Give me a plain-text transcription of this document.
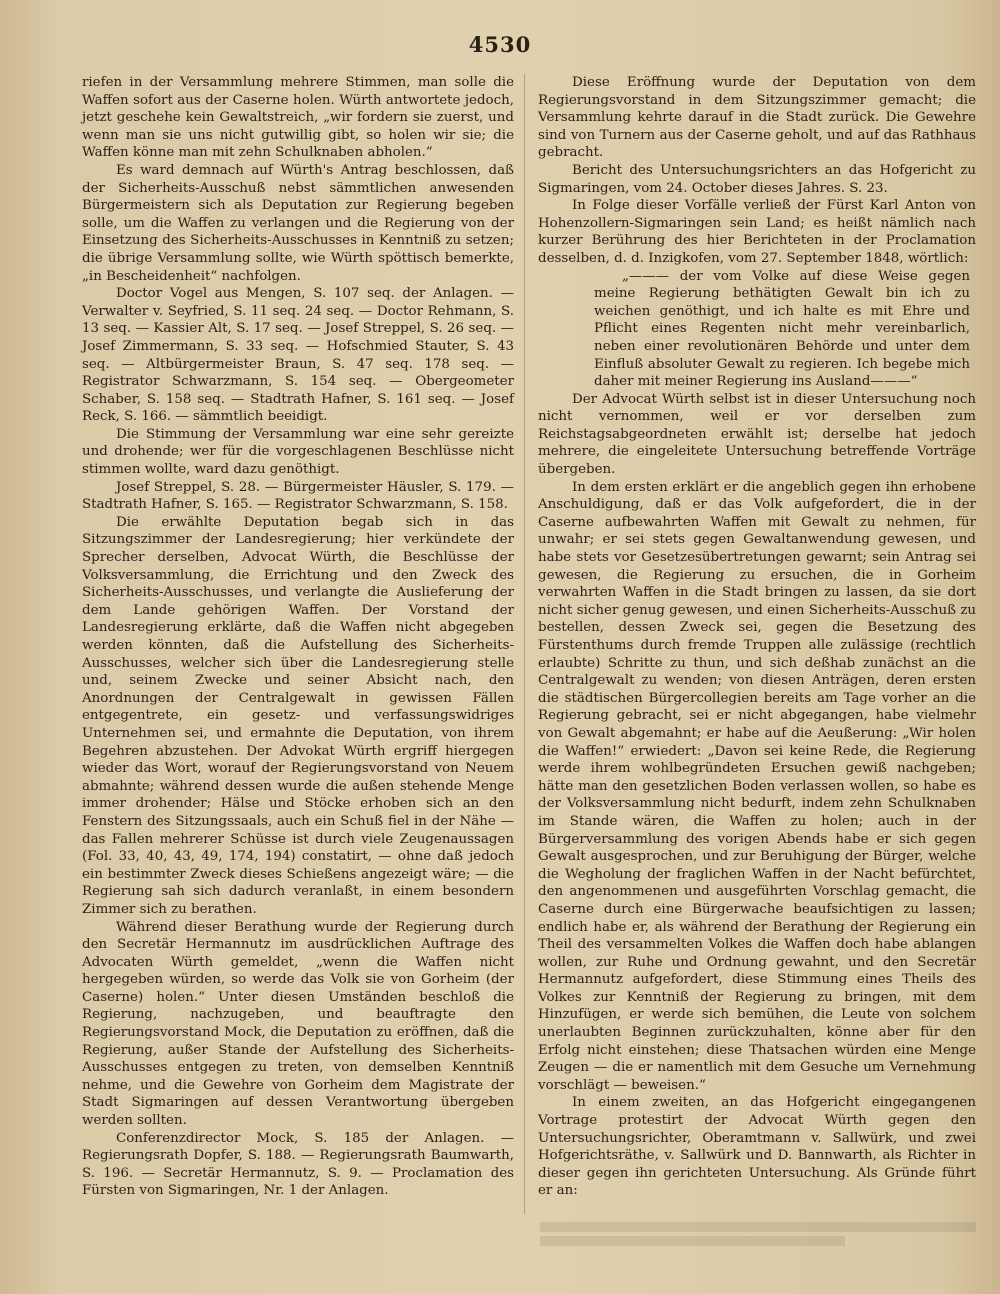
4530

riefen in der Versammlung mehrere Stimmen, man solle die Waffen sofort aus der Caserne holen. Würth antwortete jedoch, jetzt geschehe kein Gewaltstreich, „wir fordern sie zuerst, und wenn man sie uns nicht gutwillig gibt, so holen wir sie; die Waffen könne man mit zehn Schulknaben abholen.“

Es ward demnach auf Würth's Antrag beschlossen, daß der Sicherheits-Ausschuß nebst sämmtlichen anwesenden Bürgermeistern sich als Deputation zur Regierung begeben solle, um die Waffen zu verlangen und die Regierung von der Einsetzung des Sicherheits-Ausschusses in Kenntniß zu setzen; die übrige Versammlung sollte, wie Würth spöttisch bemerkte, „in Bescheidenheit“ nachfolgen.

Doctor Vogel aus Mengen, S. 107 seq. der Anlagen. — Verwalter v. Seyfried, S. 11 seq. 24 seq. — Doctor Rehmann, S. 13 seq. — Kassier Alt, S. 17 seq. — Josef Streppel, S. 26 seq. — Josef Zimmermann, S. 33 seq. — Hofschmied Stauter, S. 43 seq. — Altbürgermeister Braun, S. 47 seq. 178 seq. — Registrator Schwarzmann, S. 154 seq. — Obergeometer Schaber, S. 158 seq. — Stadtrath Hafner, S. 161 seq. — Josef Reck, S. 166. — sämmtlich beeidigt.

Die Stimmung der Versammlung war eine sehr gereizte und drohende; wer für die vorgeschlagenen Beschlüsse nicht stimmen wollte, ward dazu genöthigt.

Josef Streppel, S. 28. — Bürgermeister Häusler, S. 179. — Stadtrath Hafner, S. 165. — Registrator Schwarzmann, S. 158.

Die erwählte Deputation begab sich in das Sitzungszimmer der Landesregierung; hier verkündete der Sprecher derselben, Advocat Würth, die Beschlüsse der Volksversammlung, die Errichtung und den Zweck des Sicherheits-Ausschusses, und verlangte die Auslieferung der dem Lande gehörigen Waffen. Der Vorstand der Landesregierung erklärte, daß die Waffen nicht abgegeben werden könnten, daß die Aufstellung des Sicherheits-Ausschusses, welcher sich über die Landesregierung stelle und, seinem Zwecke und seiner Absicht nach, den Anordnungen der Centralgewalt in gewissen Fällen entgegentrete, ein gesetz- und verfassungswidriges Unternehmen sei, und ermahnte die Deputation, von ihrem Begehren abzustehen. Der Advokat Würth ergriff hiergegen wieder das Wort, worauf der Regierungsvorstand von Neuem abmahnte; während dessen wurde die außen stehende Menge immer drohender; Hälse und Stöcke erhoben sich an den Fenstern des Sitzungssaals, auch ein Schuß fiel in der Nähe — das Fallen mehrerer Schüsse ist durch viele Zeugenaussagen (Fol. 33, 40, 43, 49, 174, 194) constatirt, — ohne daß jedoch ein bestimmter Zweck dieses Schießens angezeigt wäre; — die Regierung sah sich dadurch veranlaßt, in einem besondern Zimmer sich zu berathen.

Während dieser Berathung wurde der Regierung durch den Secretär Hermannutz im ausdrücklichen Auftrage des Advocaten Würth gemeldet, „wenn die Waffen nicht hergegeben würden, so werde das Volk sie von Gorheim (der Caserne) holen.“ Unter diesen Umständen beschloß die Regierung, nachzugeben, und beauftragte den Regierungsvorstand Mock, die Deputation zu eröffnen, daß die Regierung, außer Stande der Aufstellung des Sicherheits-Ausschusses entgegen zu treten, von demselben Kenntniß nehme, und die Gewehre von Gorheim dem Magistrate der Stadt Sigmaringen auf dessen Verantwortung übergeben werden sollten.

Conferenzdirector Mock, S. 185 der Anlagen. — Regierungsrath Dopfer, S. 188. — Regierungsrath Baumwarth, S. 196. — Secretär Hermannutz, S. 9. — Proclamation des Fürsten von Sigmaringen, Nr. 1 der Anlagen.

Diese Eröffnung wurde der Deputation von dem Regierungsvorstand in dem Sitzungszimmer gemacht; die Versammlung kehrte darauf in die Stadt zurück. Die Gewehre sind von Turnern aus der Caserne geholt, und auf das Rathhaus gebracht.

Bericht des Untersuchungsrichters an das Hofgericht zu Sigmaringen, vom 24. October dieses Jahres. S. 23.

In Folge dieser Vorfälle verließ der Fürst Karl Anton von Hohenzollern-Sigmaringen sein Land; es heißt nämlich nach kurzer Berührung des hier Berichteten in der Proclamation desselben, d. d. Inzigkofen, vom 27. September 1848, wörtlich:

„——— der vom Volke auf diese Weise gegen meine Regierung bethätigten Gewalt bin ich zu weichen genöthigt, und ich halte es mit Ehre und Pflicht eines Regenten nicht mehr vereinbarlich, neben einer revolutionären Behörde und unter dem Einfluß absoluter Gewalt zu regieren. Ich begebe mich daher mit meiner Regierung ins Ausland———“

Der Advocat Würth selbst ist in dieser Untersuchung noch nicht vernommen, weil er vor derselben zum Reichstagsabgeordneten erwählt ist; derselbe hat jedoch mehrere, die eingeleitete Untersuchung betreffende Vorträge übergeben.

In dem ersten erklärt er die angeblich gegen ihn erhobene Anschuldigung, daß er das Volk aufgefordert, die in der Caserne aufbewahrten Waffen mit Gewalt zu nehmen, für unwahr; er sei stets gegen Gewaltanwendung gewesen, und habe stets vor Gesetzesübertretungen gewarnt; sein Antrag sei gewesen, die Regierung zu ersuchen, die in Gorheim verwahrten Waffen in die Stadt bringen zu lassen, da sie dort nicht sicher genug gewesen, und einen Sicherheits-Ausschuß zu bestellen, dessen Zweck sei, gegen die Besetzung des Fürstenthums durch fremde Truppen alle zulässige (rechtlich erlaubte) Schritte zu thun, und sich deßhab zunächst an die Centralgewalt zu wenden; von diesen Anträgen, deren ersten die städtischen Bürgercollegien bereits am Tage vorher an die Regierung gebracht, sei er nicht abgegangen, habe vielmehr von Gewalt abgemahnt; er habe auf die Aeußerung: „Wir holen die Waffen!“ erwiedert: „Davon sei keine Rede, die Regierung werde ihrem wohlbegründeten Ersuchen gewiß nachgeben; hätte man den gesetzlichen Boden verlassen wollen, so habe es der Volksversammlung nicht bedurft, indem zehn Schulknaben im Stande wären, die Waffen zu holen; auch in der Bürgerversammlung des vorigen Abends habe er sich gegen Gewalt ausgesprochen, und zur Beruhigung der Bürger, welche die Wegholung der fraglichen Waffen in der Nacht befürchtet, den angenommenen und ausgeführten Vorschlag gemacht, die Caserne durch eine Bürgerwache beaufsichtigen zu lassen; endlich habe er, als während der Berathung der Regierung ein Theil des versammelten Volkes die Waffen doch habe ablangen wollen, zur Ruhe und Ordnung gewahnt, und den Secretär Hermannutz aufgefordert, diese Stimmung eines Theils des Volkes zur Kenntniß der Regierung zu bringen, mit dem Hinzufügen, er werde sich bemühen, die Leute von solchem unerlaubten Beginnen zurückzuhalten, könne aber für den Erfolg nicht einstehen; diese Thatsachen würden eine Menge Zeugen — die er namentlich mit dem Gesuche um Vernehmung vorschlägt — beweisen.“

In einem zweiten, an das Hofgericht eingegangenen Vortrage protestirt der Advocat Würth gegen den Untersuchungsrichter, Oberamtmann v. Sallwürk, und zwei Hofgerichtsräthe, v. Sallwürk und D. Bannwarth, als Richter in dieser gegen ihn gerichteten Untersuchung. Als Gründe führt er an:
